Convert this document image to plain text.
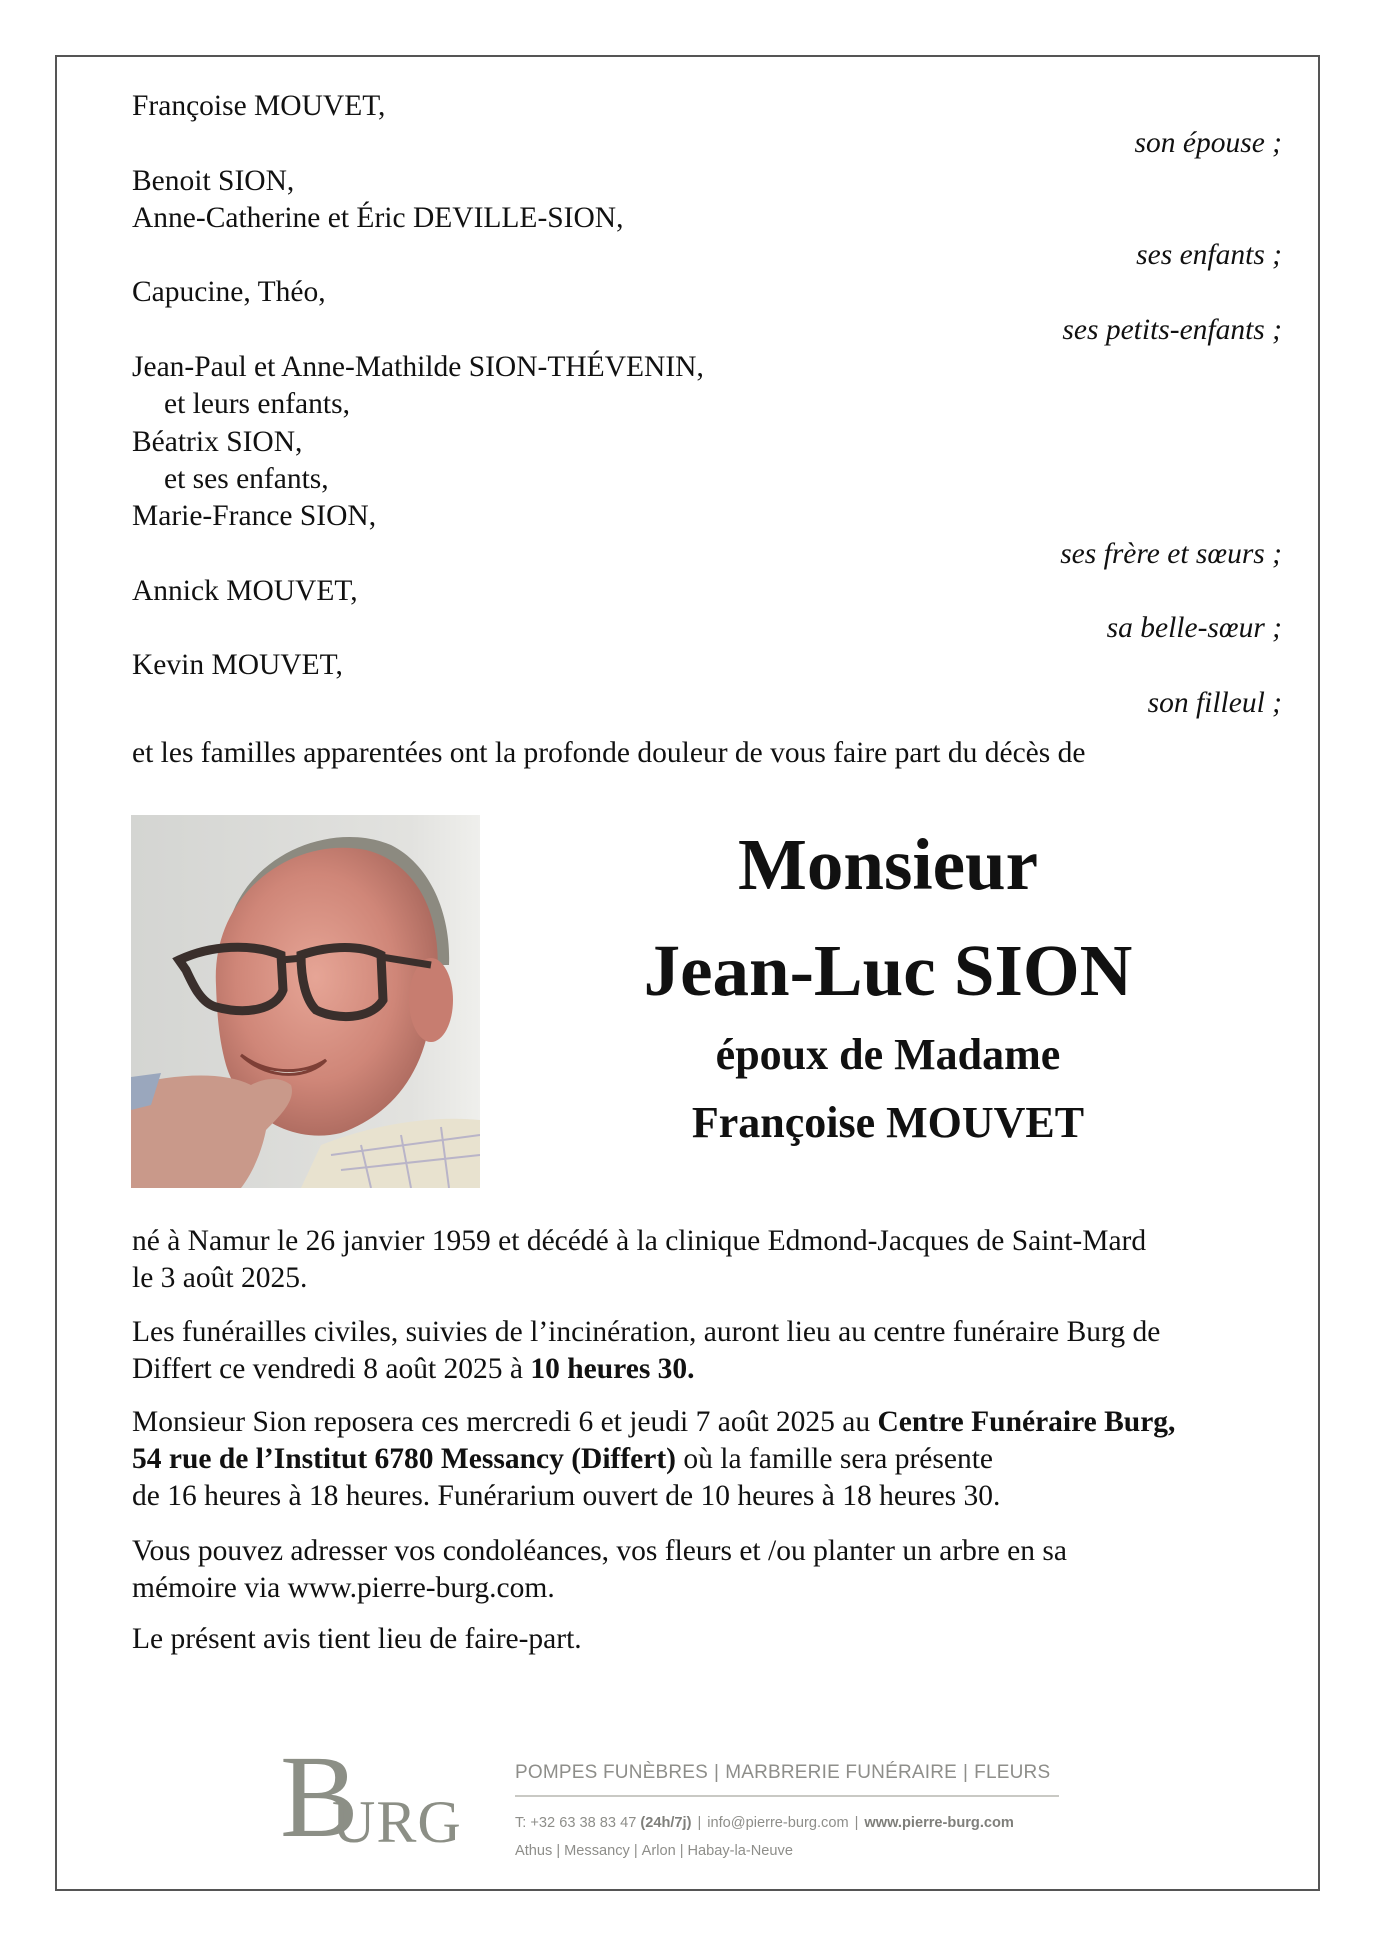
Françoise MOUVET,
son épouse ;
Benoit SION,
Anne-Catherine et Éric DEVILLE-SION,
ses enfants ;
Capucine, Théo,
ses petits-enfants ;
Jean-Paul et Anne-Mathilde SION-THÉVENIN,
et leurs enfants,
Béatrix SION,
et ses enfants,
Marie-France SION,
ses frère et sœurs ;
Annick MOUVET,
sa belle-sœur ;
Kevin MOUVET,
son filleul ;
et les familles apparentées ont la profonde douleur de vous faire part du décès de
Monsieur
Jean-Luc SION
époux de Madame
Françoise MOUVET
né à Namur le 26 janvier 1959 et décédé à la clinique Edmond-Jacques de Saint-Mard
le 3 août 2025.
Les funérailles civiles, suivies de l’incinération, auront lieu au centre funéraire Burg de
Differt ce vendredi 8 août 2025 à 10 heures 30.
Monsieur Sion reposera ces mercredi 6 et jeudi 7 août 2025 au Centre Funéraire Burg,
54 rue de l’Institut 6780 Messancy (Differt) où la famille sera présente
de 16 heures à 18 heures. Funérarium ouvert de 10 heures à 18 heures 30.
Vous pouvez adresser vos condoléances, vos fleurs et /ou planter un arbre en sa
mémoire via www.pierre-burg.com.
Le présent avis tient lieu de faire-part.
B
URG
POMPES FUNÈBRES | MARBRERIE FUNÉRAIRE | FLEURS
T: +32 63 38 83 47 (24h/7j) | info@pierre-burg.com | www.pierre-burg.com
Athus | Messancy | Arlon | Habay-la-Neuve
